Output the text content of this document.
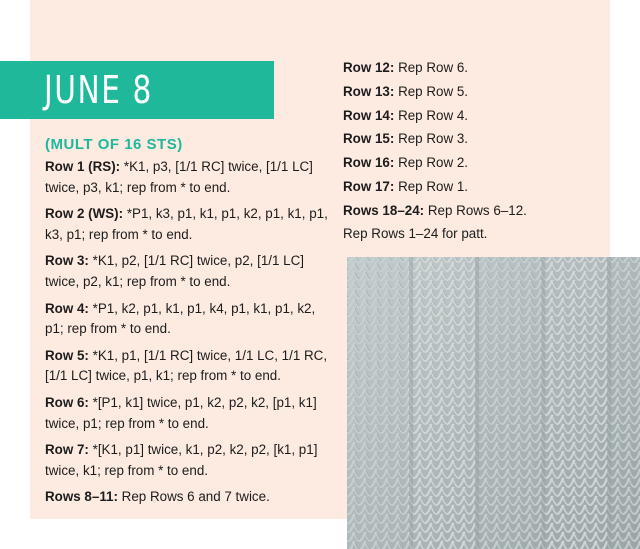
JUNE 8
(MULT OF 16 STS)
Row 1 (RS): *K1, p3, [1/1 RC] twice, [1/1 LC] twice, p3, k1; rep from * to end.
Row 2 (WS): *P1, k3, p1, k1, p1, k2, p1, k1, p1, k3, p1; rep from * to end.
Row 3: *K1, p2, [1/1 RC] twice, p2, [1/1 LC] twice, p2, k1; rep from * to end.
Row 4: *P1, k2, p1, k1, p1, k4, p1, k1, p1, k2, p1; rep from * to end.
Row 5: *K1, p1, [1/1 RC] twice, 1/1 LC, 1/1 RC, [1/1 LC] twice, p1, k1; rep from * to end.
Row 6: *[P1, k1] twice, p1, k2, p2, k2, [p1, k1] twice, p1; rep from * to end.
Row 7: *[K1, p1] twice, k1, p2, k2, p2, [k1, p1] twice, k1; rep from * to end.
Rows 8–11: Rep Rows 6 and 7 twice.
Row 12: Rep Row 6.
Row 13: Rep Row 5.
Row 14: Rep Row 4.
Row 15: Rep Row 3.
Row 16: Rep Row 2.
Row 17: Rep Row 1.
Rows 18–24: Rep Rows 6–12.
Rep Rows 1–24 for patt.
